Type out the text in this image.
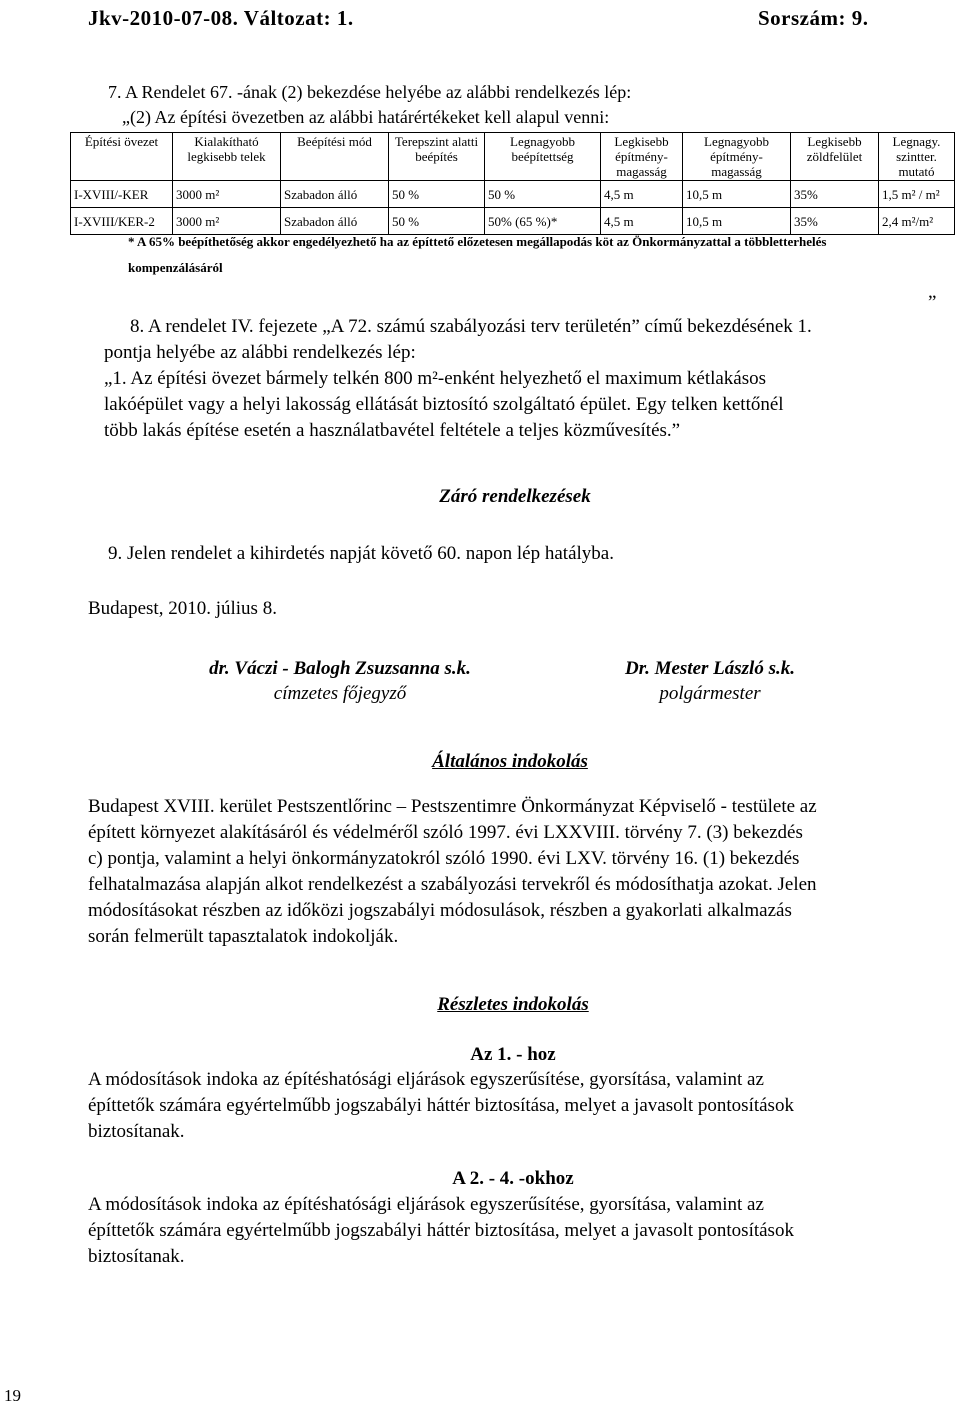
Jkv-2010-07-08. Változat: 1.	Sorszám: 9.
7. A Rendelet 67. -ának (2) bekezdése helyébe az alábbi rendelkezés lép:
„(2) Az építési övezetben az alábbi határértékeket kell alapul venni:
Építési övezet	Kialakítható legkisebb telek	Beépítési mód	Terepszint alatti beépítés	Legnagyobb beépítettség	Legkisebb építmény-magasság	Legnagyobb építmény-magasság	Legkisebb zöldfelület	Legnagy. szintter. mutató
I-XVIII/-KER	3000 m²	Szabadon álló	50 %	50 %	4,5 m	10,5 m	35%	1,5 m² / m²
I-XVIII/KER-2	3000 m²	Szabadon álló	50 %	50% (65 %)*	4,5 m	10,5 m	35%	2,4 m²/m²
* A 65% beépíthetőség akkor engedélyezhető ha az építtető előzetesen megállapodás köt az Önkormányzattal a többletterhelés
kompenzálásáról
”
8. A rendelet IV. fejezete „A 72. számú szabályozási terv területén” című bekezdésének 1.
pontja helyébe az alábbi rendelkezés lép:
„1. Az építési övezet bármely telkén 800 m²-enként helyezhető el maximum kétlakásos
lakóépület vagy a helyi lakosság ellátását biztosító szolgáltató épület. Egy telken kettőnél
több lakás építése esetén a használatbavétel feltétele a teljes közművesítés.”
Záró rendelkezések
9. Jelen rendelet a kihirdetés napját követő 60. napon lép hatályba.
Budapest, 2010. július 8.
dr. Váczi - Balogh Zsuzsanna s.k.
címzetes főjegyző
Dr. Mester László s.k.
polgármester
Általános indokolás
Budapest XVIII. kerület Pestszentlőrinc – Pestszentimre Önkormányzat Képviselő - testülete az
épített környezet alakításáról és védelméről szóló 1997. évi LXXVIII. törvény 7. (3) bekezdés
c) pontja, valamint a helyi önkormányzatokról szóló 1990. évi LXV. törvény 16. (1) bekezdés
felhatalmazása alapján alkot rendelkezést a szabályozási tervekről és módosíthatja azokat. Jelen
módosításokat részben az időközi jogszabályi módosulások, részben a gyakorlati alkalmazás
során felmerült tapasztalatok indokolják.
Részletes indokolás
Az 1. - hoz
A módosítások indoka az építéshatósági eljárások egyszerűsítése, gyorsítása, valamint az
építtetők számára egyértelműbb jogszabályi háttér biztosítása, melyet a javasolt pontosítások
biztosítanak.
A 2. - 4. -okhoz
A módosítások indoka az építéshatósági eljárások egyszerűsítése, gyorsítása, valamint az
építtetők számára egyértelműbb jogszabályi háttér biztosítása, melyet a javasolt pontosítások
biztosítanak.
19
